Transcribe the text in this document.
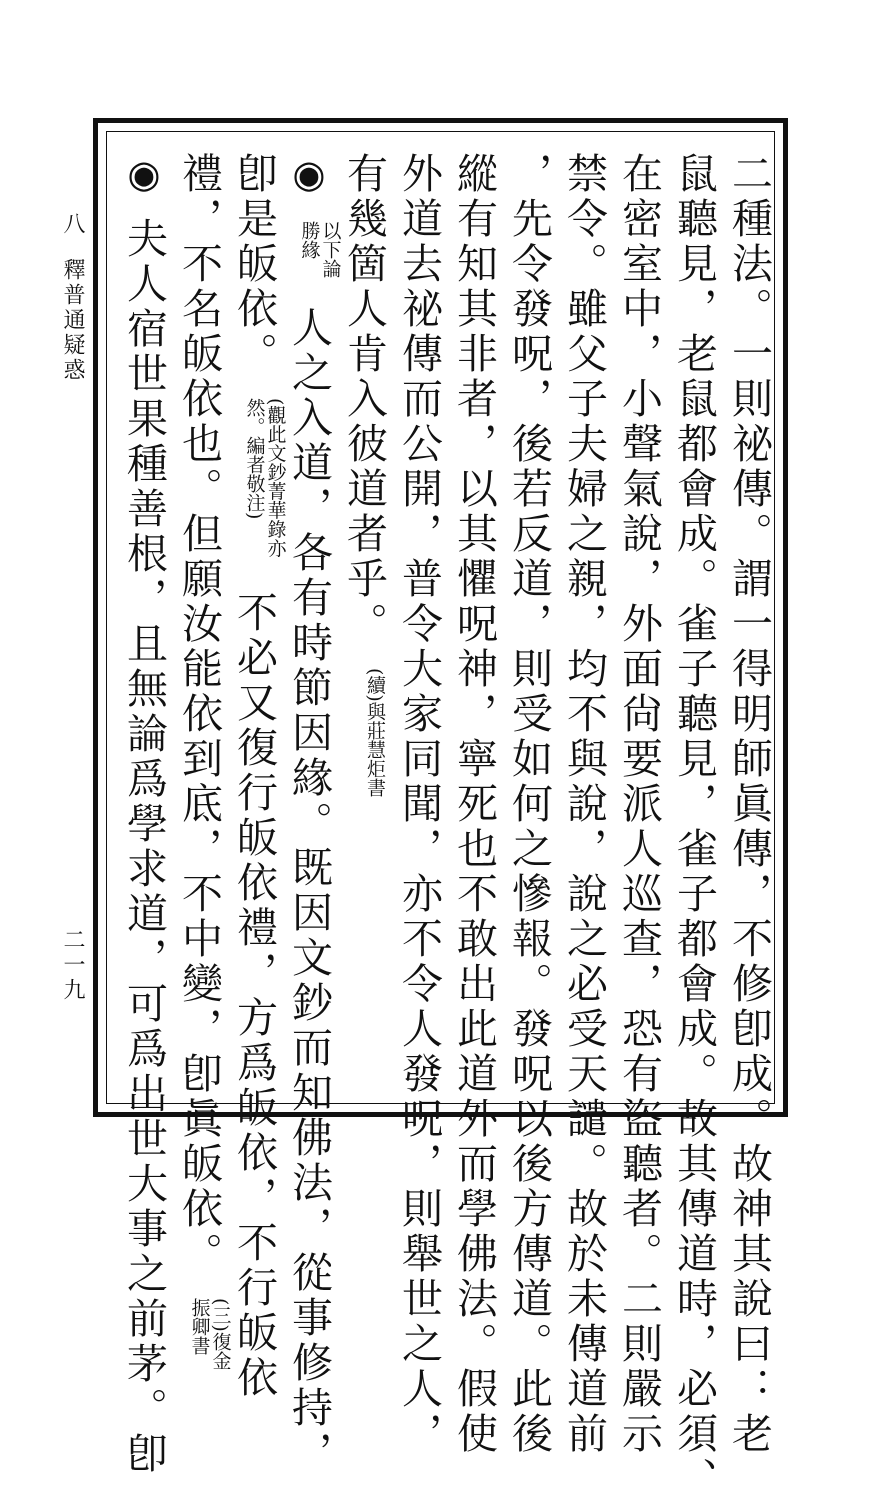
八
釋普通疑惑
二一九	二種法。一則祕傳。謂一得明師眞傳，不修卽成。故神其說曰：老
鼠聽見，老鼠都會成。雀子聽見，雀子都會成。故其傳道時，必須、
在密室中，小聲氣說，外面尙要派人巡查，恐有盜聽者。二則嚴示
禁令。雖父子夫婦之親，均不與說，說之必受天譴。故於未傳道前
，先令發呪，後若反道，則受如何之慘報。發呪以後方傳道。此後
縱有知其非者，以其懼呪神，寧死也不敢出此道外而學佛法。假使
外道去祕傳而公開，普令大家同聞，亦不令人發呪，則舉世之人，
有幾箇人肯入彼道者乎。 (續)與莊慧炬書
◉ 以下論勝緣 人之入道，各有時節因緣。既因文鈔而知佛法，從事修持，
卽是皈依。 (觀此文鈔菁華錄亦然。編者敬注) 不必又復行皈依禮，方爲皈依，不行皈依
禮，不名皈依也。但願汝能依到底，不中變，卽眞皈依。 (三)復金振卿書
◉ 夫人宿世果種善根，且無論爲學求道，可爲出世大事之前茅。卽
